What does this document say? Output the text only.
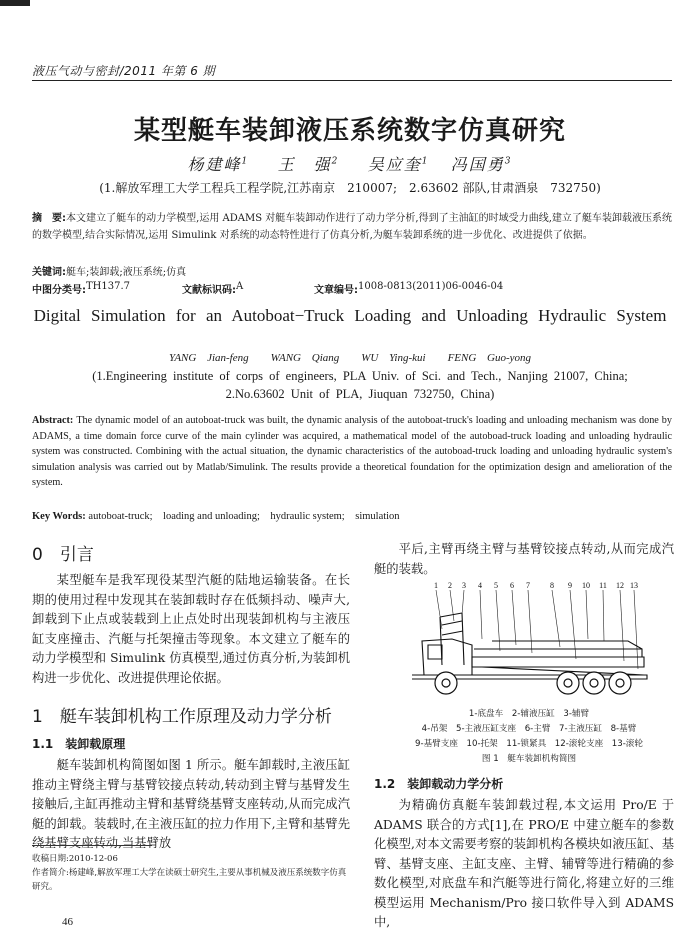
液压气动与密封/2011 年第 6 期
某型艇车装卸液压系统数字仿真研究
杨建峰$^1$ 王　强$^2$ 吴应奎$^1$ 冯国勇$^3$
(1.解放军理工大学工程兵工程学院,江苏南京　210007;　2.63602 部队,甘肃酒泉　732750)
摘　要:本文建立了艇车的动力学模型,运用 ADAMS 对艇车装卸动作进行了动力学分析,得到了主油缸的时域受力曲线,建立了艇车装卸载液压系统的数学模型,结合实际情况,运用 Simulink 对系统的动态特性进行了仿真分析,为艇车装卸系统的进一步优化、改进提供了依据。
关键词:艇车;装卸载;液压系统;仿真
中图分类号: TH137.7	文献标识码: A	文章编号: 1008-0813(2011)06-0046-04
Digital Simulation for an Autoboat−Truck Loading and Unloading Hydraulic System
YANG Jian-feng　　WANG Qiang　　WU Ying-kui　　FENG Guo-yong
(1.Engineering institute of corps of engineers, PLA Univ. of Sci. and Tech., Nanjing 21007, China;
2.No.63602 Unit of PLA, Jiuquan 732750, China)
Abstract: The dynamic model of an autoboat-truck was built, the dynamic analysis of the autoboat-truck's loading and unloading mechanism was done by ADAMS, a time domain force curve of the main cylinder was acquired, a mathematical model of the autoboad-truck loading and unloading hydraulic system was constructed. Combining with the actual situation, the dynamic characteristics of the autoboad-truck loading and unloading hydraulic system's simulation analysis was carried out by Matlab/Simulink. The results provide a theoretical foundation for the optimization design and amelioration of the system.
Key Words: autoboat-truck;　loading and unloading;　hydraulic system;　simulation
0　引言
某型艇车是我军现役某型汽艇的陆地运输装备。在长期的使用过程中发现其在装卸载时存在低频抖动、噪声大,卸载到下止点或装载到上止点处时出现装卸机构与主液压缸支座撞击、汽艇与托架撞击等现象。本文建立了艇车的动力学模型和 Simulink 仿真模型,通过仿真分析,为装卸机构进一步优化、改进提供理论依据。
1　艇车装卸机构工作原理及动力学分析
1.1　装卸载原理
艇车装卸机构简图如图 1 所示。艇车卸载时,主液压缸推动主臂绕主臂与基臂铰接点转动,转动到主臂与基臂发生接触后,主缸再推动主臂和基臂绕基臂支座转动,从而完成汽艇的卸载。装载时,在主液压缸的拉力作用下,主臂和基臂先绕基臂支座转动,当基臂放
收稿日期:2010-12-06
作者简介:杨建峰,解放军理工大学在读硕士研究生,主要从事机械及液压系统数字仿真研究。
46
平后,主臂再绕主臂与基臂铰接点转动,从而完成汽艇的装载。
1 2 3 4 5 6 7	8 9 10 11 12 13
1-底盘车　2-辅液压缸　3-辅臂
4-吊架　5-主液压缸支座　6-主臂　7-主液压缸　8-基臂
9-基臂支座　10-托架　11-锁紧具　12-滚轮支座　13-滚轮
图 1　艇车装卸机构简图
1.2　装卸载动力学分析
为精确仿真艇车装卸载过程,本文运用 Pro/E 于 ADAMS 联合的方式[1],在 PRO/E 中建立艇车的参数化模型,对本文需要考察的装卸机构各模块如液压缸、基臂、基臂支座、主缸支座、主臂、辅臂等进行精确的参数化模型,对底盘车和汽艇等进行简化,将建立好的三维模型运用 Mechanism/Pro 接口软件导入到 ADAMS 中,
